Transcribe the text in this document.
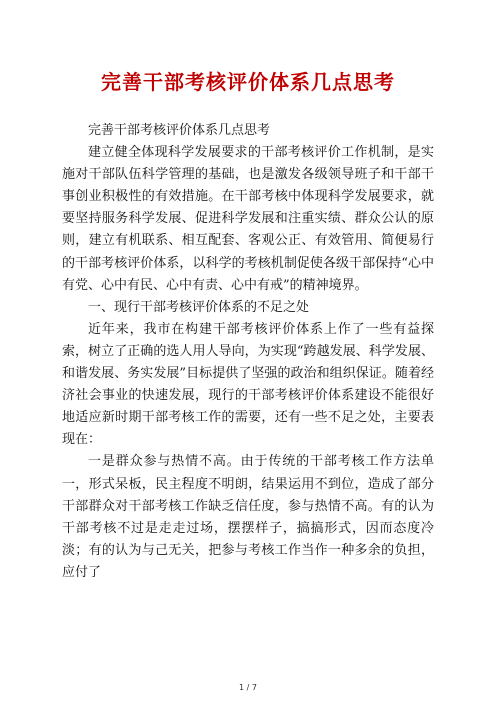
完善干部考核评价体系几点思考

完善干部考核评价体系几点思考

建立健全体现科学发展要求的干部考核评价工作机制，是实施对干部队伍科学管理的基础，也是激发各级领导班子和干部干事创业积极性的有效措施。在干部考核中体现科学发展要求，就要坚持服务科学发展、促进科学发展和注重实绩、群众公认的原则，建立有机联系、相互配套、客观公正、有效管用、简便易行的干部考核评价体系，以科学的考核机制促使各级干部保持“心中有党、心中有民、心中有责、心中有戒”的精神境界。

一、现行干部考核评价体系的不足之处

近年来，我市在构建干部考核评价体系上作了一些有益探索，树立了正确的选人用人导向，为实现“跨越发展、科学发展、和谐发展、务实发展”目标提供了坚强的政治和组织保证。随着经济社会事业的快速发展，现行的干部考核评价体系建设不能很好地适应新时期干部考核工作的需要，还有一些不足之处，主要表现在：

一是群众参与热情不高。由于传统的干部考核工作方法单一，形式呆板，民主程度不明朗，结果运用不到位，造成了部分干部群众对干部考核工作缺乏信任度，参与热情不高。有的认为干部考核不过是走走过场，摆摆样子，搞搞形式，因而态度冷淡；有的认为与己无关，把参与考核工作当作一种多余的负担，应付了

1 / 7
